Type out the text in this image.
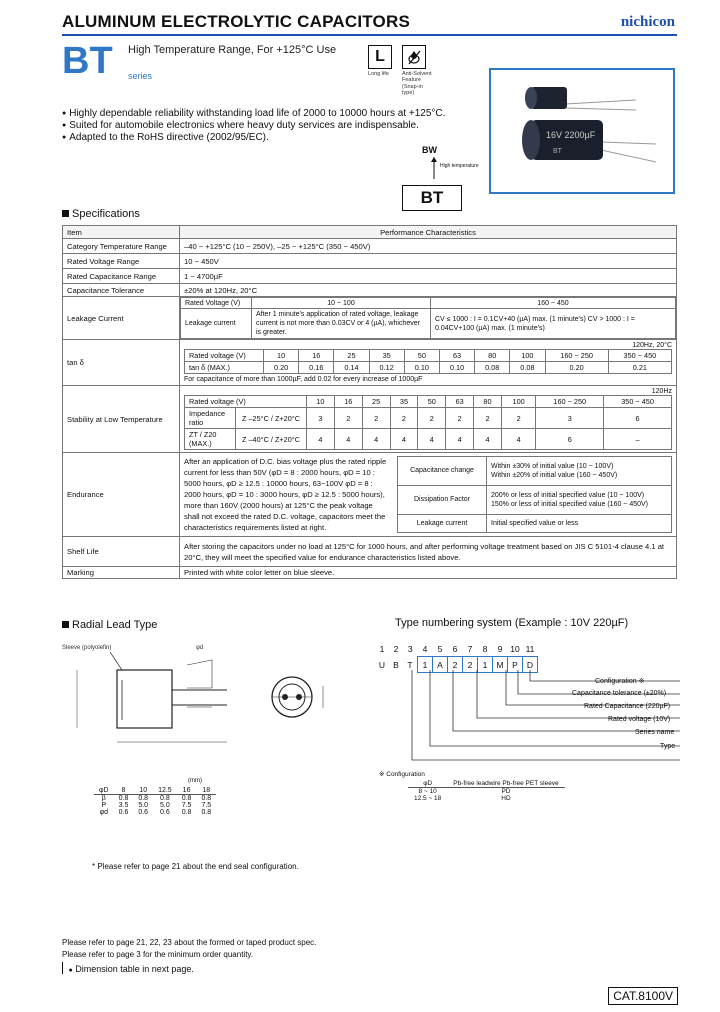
ALUMINUM ELECTROLYTIC CAPACITORS	nichicon
BT High Temperature Range, For +125°C Use
series
L
Long life	Anti-Solvent Feature (Snap-in type)
16V 2200µF
BT
● Highly dependable reliability withstanding load life of 2000 to 10000 hours at +125°C.
● Suited for automobile electronics where heavy duty services are indispensable.
● Adapted to the RoHS directive (2002/95/EC).
BW
High temperature
BT
Specifications
Item	Performance Characteristics
Category Temperature Range	–40 ~ +125°C (10 ~ 250V), –25 ~ +125°C (350 ~ 450V)
Rated Voltage Range	10 ~ 450V
Rated Capacitance Range	1 ~ 4700µF
Capacitance Tolerance	±20% at 120Hz, 20°C
Leakage Current	
Rated Voltage (V)	10 ~ 100	160 ~ 450
Leakage current	After 1 minute's application of rated voltage, leakage current is not more than 0.03CV or 4 (µA), whichever is greater.	CV ≤ 1000 : I = 0.1CV+40 (µA) max. (1 minute's) CV > 1000 : I = 0.04CV+100 (µA) max. (1 minute's)

tan δ	
120Hz, 20°C
Rated voltage (V)	10	16	25	35	50	63	80	100	160 ~ 250	350 ~ 450
tan δ (MAX.)	0.20	0.16	0.14	0.12	0.10	0.10	0.08	0.08	0.20	0.21
For capacitance of more than 1000µF, add 0.02 for every increase of 1000µF

Stability at Low Temperature	
120Hz
Rated voltage (V)	10	16	25	35	50	63	80	100	160 ~ 250	350 ~ 450
Impedance ratio	Z –25°C / Z+20°C	3	2	2	2	2	2	2	2	3	6
ZT / Z20 (MAX.)	Z –40°C / Z+20°C	4	4	4	4	4	4	4	4	6	–

Endurance	
After an application of D.C. bias voltage plus the rated ripple current for less than 50V (φD = 8 : 2000 hours, φD = 10 : 5000 hours, φD ≥ 12.5 : 10000 hours, 63~100V φD = 8 : 2000 hours, φD = 10 : 3000 hours, φD ≥ 12.5 : 5000 hours), more than 160V (2000 hours) at 125°C the peak voltage shall not exceed the rated D.C. voltage, capacitors meet the characteristics requirements listed at right.
Capacitance change	
Within ±30% of initial value (10 ~ 100V)
Within ±20% of initial value (160 ~ 450V)

Dissipation Factor	
200% or less of initial specified value (10 ~ 100V)
150% or less of initial specified value (160 ~ 450V)

Leakage current	Initial specified value or less

Shelf Life	After storing the capacitors under no load at 125°C for 1000 hours, and after performing voltage treatment based on JIS C 5101-4 clause 4.1 at 20°C, they will meet the specified value for endurance characteristics listed above.
Marking	Printed with white color letter on blue sleeve.
Radial Lead Type
Sleeve (polyolefin)	φd
(mm)
φD	8	10	12.5	16	18
β	0.8	0.8	0.8	0.8	0.8
P	3.5	5.0	5.0	7.5	7.5
φd	0.6	0.6	0.6	0.8	0.8
* Please refer to page 21 about the end seal configuration.
Type numbering system (Example : 10V 220µF)
1	2	3	4	5	6	7	8	9	10	11
U	B	T	1	A	2	2	1	M	P	D
Configuration ※
Capacitance tolerance (±20%)
Rated Capacitance (220µF)
Rated voltage (10V)
Series name
Type
※ Configuration
φD	Pb-free leadwire Pb-free PET sleeve
8 ~ 10	PD
12.5 ~ 18	HD
Please refer to page 21, 22, 23 about the formed or taped product spec.
Please refer to page 3 for the minimum order quantity.
● Dimension table in next page.
CAT.8100V
